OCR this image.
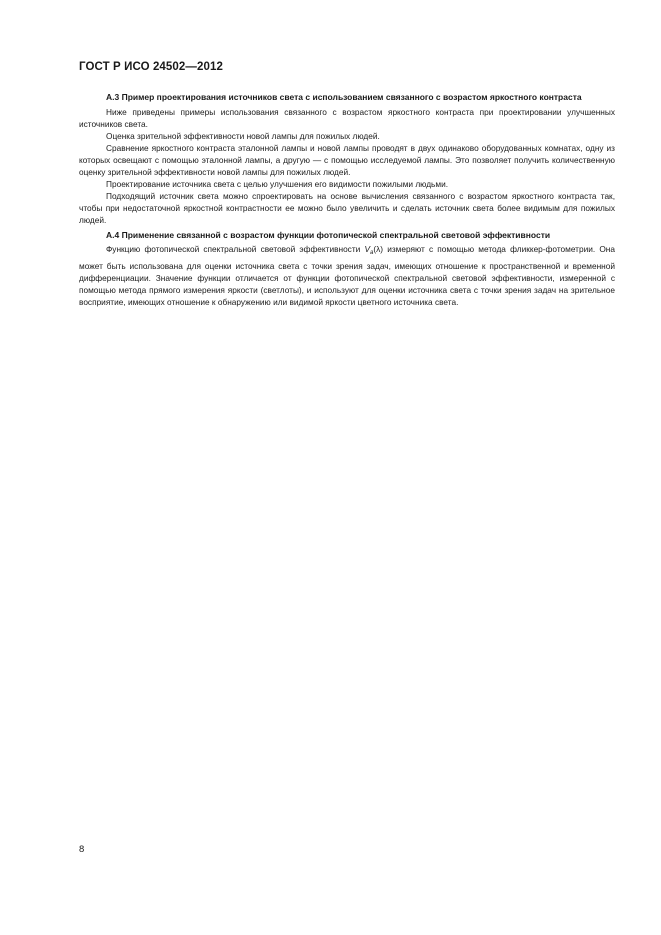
ГОСТ Р ИСО 24502—2012
А.3 Пример проектирования источников света с использованием связанного с возрастом яркостного контраста

Ниже приведены примеры использования связанного с возрастом яркостного контраста при проектировании улучшенных источников света.

Оценка зрительной эффективности новой лампы для пожилых людей.

Сравнение яркостного контраста эталонной лампы и новой лампы проводят в двух одинаково оборудованных комнатах, одну из которых освещают с помощью эталонной лампы, а другую — с помощью исследуемой лампы. Это позволяет получить количественную оценку зрительной эффективности новой лампы для пожилых людей.

Проектирование источника света с целью улучшения его видимости пожилыми людьми.

Подходящий источник света можно спроектировать на основе вычисления связанного с возрастом яркостного контраста так, чтобы при недостаточной яркостной контрастности ее можно было увеличить и сделать источник света более видимым для пожилых людей.

А.4 Применение связанной с возрастом функции фотопической спектральной световой эффективности

Функцию фотопической спектральной световой эффективности $V_a(\lambda)$ измеряют с помощью метода фликкер-фотометрии. Она может быть использована для оценки источника света с точки зрения задач, имеющих отношение к пространственной и временной дифференциации. Значение функции отличается от функции фотопической спектральной световой эффективности, измеренной с помощью метода прямого измерения яркости (светлоты), и используют для оценки источника света с точки зрения задач на зрительное восприятие, имеющих отношение к обнаружению или видимой яркости цветного источника света.

8
